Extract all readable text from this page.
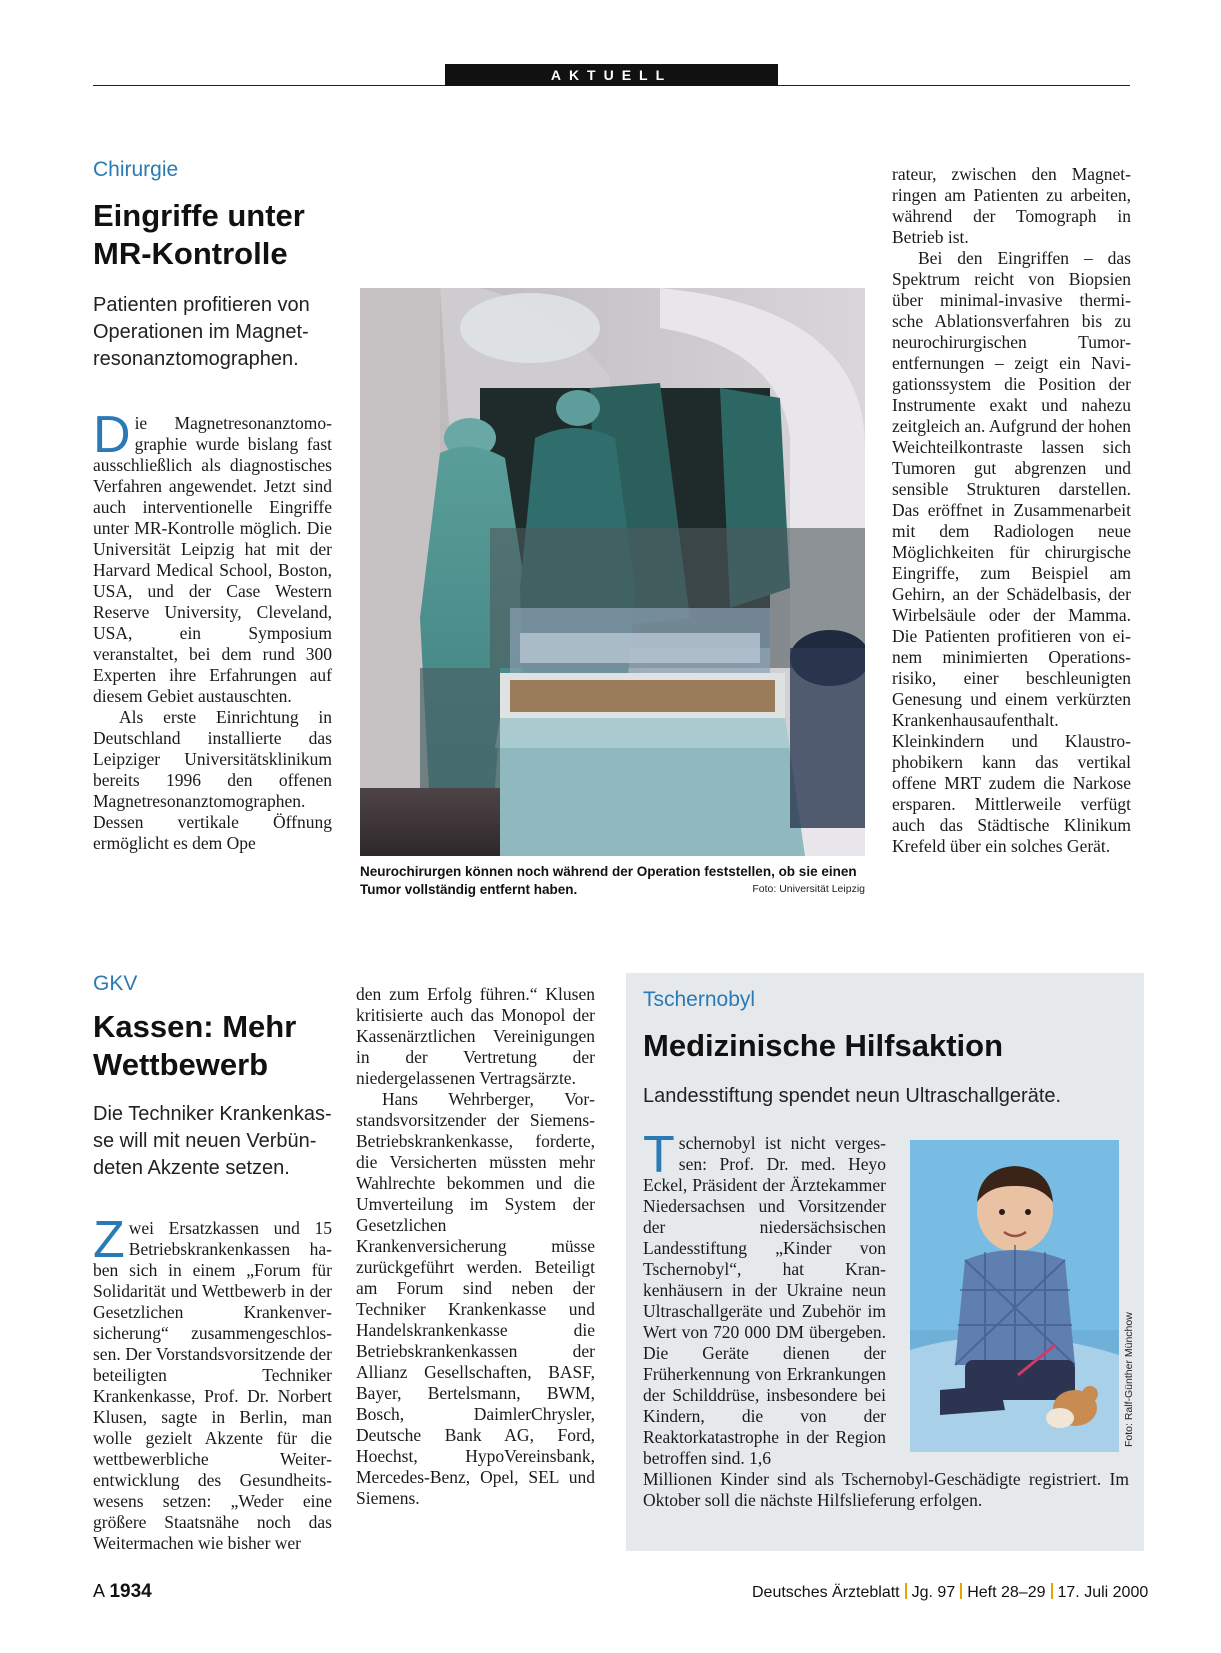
AKTUELL
Chirurgie
Eingriffe unter
MR-Kontrolle
Patienten profitieren von Operationen im Magnetresonanztomographen.

Die Magnetresonanztomographie wurde bislang fast ausschließlich als diagnostisches Verfahren angewendet. Jetzt sind auch interventionelle Eingriffe unter MR-Kontrolle möglich. Die Universität Leipzig hat mit der Harvard Medical School, Boston, USA, und der Case Western Reserve University, Cleveland, USA, ein Symposium veranstaltet, bei dem rund 300 Experten ihre Erfahrungen auf diesem Gebiet austauschten.

Als erste Einrichtung in Deutschland installierte das Leipziger Universitätsklinikum bereits 1996 den offenen Magnetresonanztomographen. Dessen vertikale Öffnung ermöglicht es dem Ope

Neurochirurgen können noch während der Operation feststellen, ob sie einen Tumor vollständig entfernt haben.	Foto: Universität Leipzig

rateur, zwischen den Magnetringen am Patienten zu arbeiten, während der Tomograph in Betrieb ist.

Bei den Eingriffen – das Spektrum reicht von Biopsien über minimal-invasive thermische Ablationsverfahren bis zu neurochirurgischen Tumorentfernungen – zeigt ein Navigationssystem die Position der Instrumente exakt und nahezu zeitgleich an. Aufgrund der hohen Weichteilkontraste lassen sich Tumoren gut abgrenzen und sensible Strukturen darstellen. Das eröffnet in Zusammenarbeit mit dem Radiologen neue Möglichkeiten für chirurgische Eingriffe, zum Beispiel am Gehirn, an der Schädelbasis, der Wirbelsäule oder der Mamma. Die Patienten profitieren von einem minimierten Operationsrisiko, einer beschleunigten Genesung und einem verkürzten Krankenhausaufenthalt. Kleinkindern und Klaustrophobikern kann das vertikal offene MRT zudem die Narkose ersparen. Mittlerweile verfügt auch das Städtische Klinikum Krefeld über ein solches Gerät.

GKV
Kassen: Mehr
Wettbewerb
Die Techniker Krankenkasse will mit neuen Verbündeten Akzente setzen.

Zwei Ersatzkassen und 15 Betriebskrankenkassen haben sich in einem „Forum für Solidarität und Wettbewerb in der Gesetzlichen Krankenversicherung“ zusammengeschlossen. Der Vorstandsvorsitzende der beteiligten Techniker Krankenkasse, Prof. Dr. Norbert Klusen, sagte in Berlin, man wolle gezielt Akzente für die wettbewerbliche Weiterentwicklung des Gesundheitswesens setzen: „Weder eine größere Staatsnähe noch das Weitermachen wie bisher wer

den zum Erfolg führen.“ Klusen kritisierte auch das Monopol der Kassenärztlichen Vereinigungen in der Vertretung der niedergelassenen Vertragsärzte.

Hans Wehrberger, Vorstandsvorsitzender der Siemens-Betriebskrankenkasse, forderte, die Versicherten müssten mehr Wahlrechte bekommen und die Umverteilung im System der Gesetzlichen Krankenversicherung müsse zurückgeführt werden. Beteiligt am Forum sind neben der Techniker Krankenkasse und Handelskrankenkasse die Betriebskrankenkassen der Allianz Gesellschaften, BASF, Bayer, Bertelsmann, BWM, Bosch, DaimlerChrysler, Deutsche Bank AG, Ford, Hoechst, HypoVereinsbank, Mercedes-Benz, Opel, SEL und Siemens.

Tschernobyl
Medizinische Hilfsaktion
Landesstiftung spendet neun Ultraschallgeräte.

Tschernobyl ist nicht vergessen: Prof. Dr. med. Heyo Eckel, Präsident der Ärztekammer Niedersachsen und Vorsitzender der niedersächsischen Landesstiftung „Kinder von Tschernobyl“, hat Krankenhäusern in der Ukraine neun Ultraschallgeräte und Zubehör im Wert von 720 000 DM übergeben. Die Geräte dienen der Früherkennung von Erkrankungen der Schilddrüse, insbesondere bei Kindern, die von der Reaktorkatastrophe in der Region betroffen sind. 1,6

Millionen Kinder sind als Tschernobyl-Geschädigte registriert. Im Oktober soll die nächste Hilfslieferung erfolgen.

Foto: Ralf-Günther Münchow
A 1934	Deutsches Ärzteblatt Jg. 97 Heft 28–29 17. Juli 2000
